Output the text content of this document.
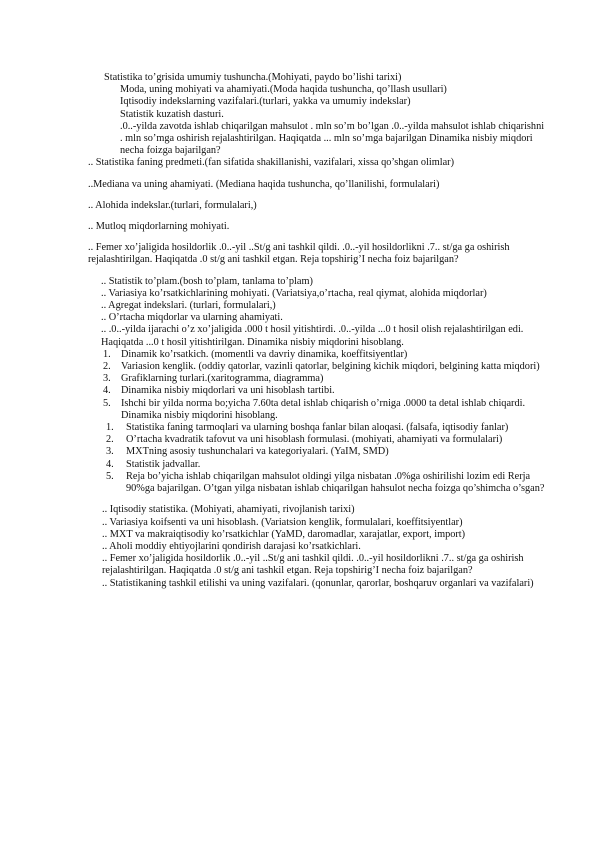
Statistika to’grisida umumiy tushuncha.(Mohiyati, paydo bo’lishi tarixi)

Moda, uning mohiyati va ahamiyati.(Moda haqida tushuncha, qo’llash usullari)

Iqtisodiy indekslarning vazifalari.(turlari, yakka va umumiy indekslar)

Statistik kuzatish dasturi.

.0..-yilda zavotda ishlab chiqarilgan mahsulot . mln so’m bo’lgan .0..-yilda mahsulot ishlab chiqarishni . mln so’mga oshirish rejalashtirilgan. Haqiqatda ... mln so’mga bajarilgan Dinamika nisbiy miqdori necha foizga bajarilgan?

.. Statistika faning predmeti.(fan sifatida shakillanishi, vazifalari, xissa qo’shgan olimlar)

..Mediana va uning ahamiyati. (Mediana haqida tushuncha, qo’llanilishi, formulalari)

.. Alohida indekslar.(turlari, formulalari,)

.. Mutloq miqdorlarning mohiyati.

.. Femer xo’jaligida hosildorlik .0..-yil ..St/g ani tashkil qildi. .0..-yil hosildorlikni .7.. st/ga ga oshirish rejalashtirilgan. Haqiqatda .0 st/g ani tashkil etgan. Reja topshirig’I necha foiz bajarilgan?

.. Statistik to’plam.(bosh to’plam, tanlama to’plam)

.. Variasiya ko’rsatkichlarining mohiyati. (Variatsiya,o’rtacha, real qiymat, alohida miqdorlar)

.. Agregat indekslari. (turlari, formulalari,)

.. O’rtacha miqdorlar va ularning ahamiyati.

.. .0..-yilda ijarachi o’z xo’jaligida .000 t hosil yitishtirdi. .0..-yilda ...0 t hosil olish rejalashtirilgan edi. Haqiqatda ...0 t hosil yitishtirilgan. Dinamika nisbiy miqdorini hisoblang.

1. Dinamik ko’rsatkich. (momentli va davriy dinamika, koeffitsiyentlar)
2. Variasion kenglik. (oddiy qatorlar, vazinli qatorlar, belgining kichik miqdori, belgining katta miqdori)
3. Grafiklarning turlari.(xaritogramma, diagramma)
4. Dinamika nisbiy miqdorlari va uni hisoblash tartibi.
5. Ishchi bir yilda norma bo;yicha 7.60ta detal ishlab chiqarish o’rniga .0000 ta detal ishlab chiqardi. Dinamika nisbiy miqdorini hisoblang.
1.	Statistika faning tarmoqlari va ularning boshqa fanlar bilan aloqasi. (falsafa, iqtisodiy fanlar)
2.	O’rtacha kvadratik tafovut va uni hisoblash formulasi. (mohiyati, ahamiyati va formulalari)
3.	MXTning asosiy tushunchalari va kategoriyalari. (YaIM, SMD)
4.	Statistik jadvallar.
5.	Reja bo’yicha ishlab chiqarilgan mahsulot oldingi yilga nisbatan .0%ga oshirilishi lozim edi Rerja 90%ga bajarilgan. O’tgan yilga nisbatan ishlab chiqarilgan hahsulot necha foizga qo’shimcha o’sgan?

.. Iqtisodiy statistika. (Mohiyati, ahamiyati, rivojlanish tarixi)

.. Variasiya koifsenti va uni hisoblash. (Variatsion kenglik, formulalari, koeffitsiyentlar)

.. MXT va makraiqtisodiy ko’rsatkichlar (YaMD, daromadlar, xarajatlar, export, import)

.. Aholi moddiy ehtiyojlarini qondirish darajasi ko’rsatkichlari.

.. Femer xo’jaligida hosildorlik .0..-yil ..St/g ani tashkil qildi. .0..-yil hosildorlikni .7.. st/ga ga oshirish rejalashtirilgan. Haqiqatda .0 st/g ani tashkil etgan. Reja topshirig’I necha foiz bajarilgan?

.. Statistikaning tashkil etilishi va uning vazifalari. (qonunlar, qarorlar, boshqaruv organlari va vazifalari)
